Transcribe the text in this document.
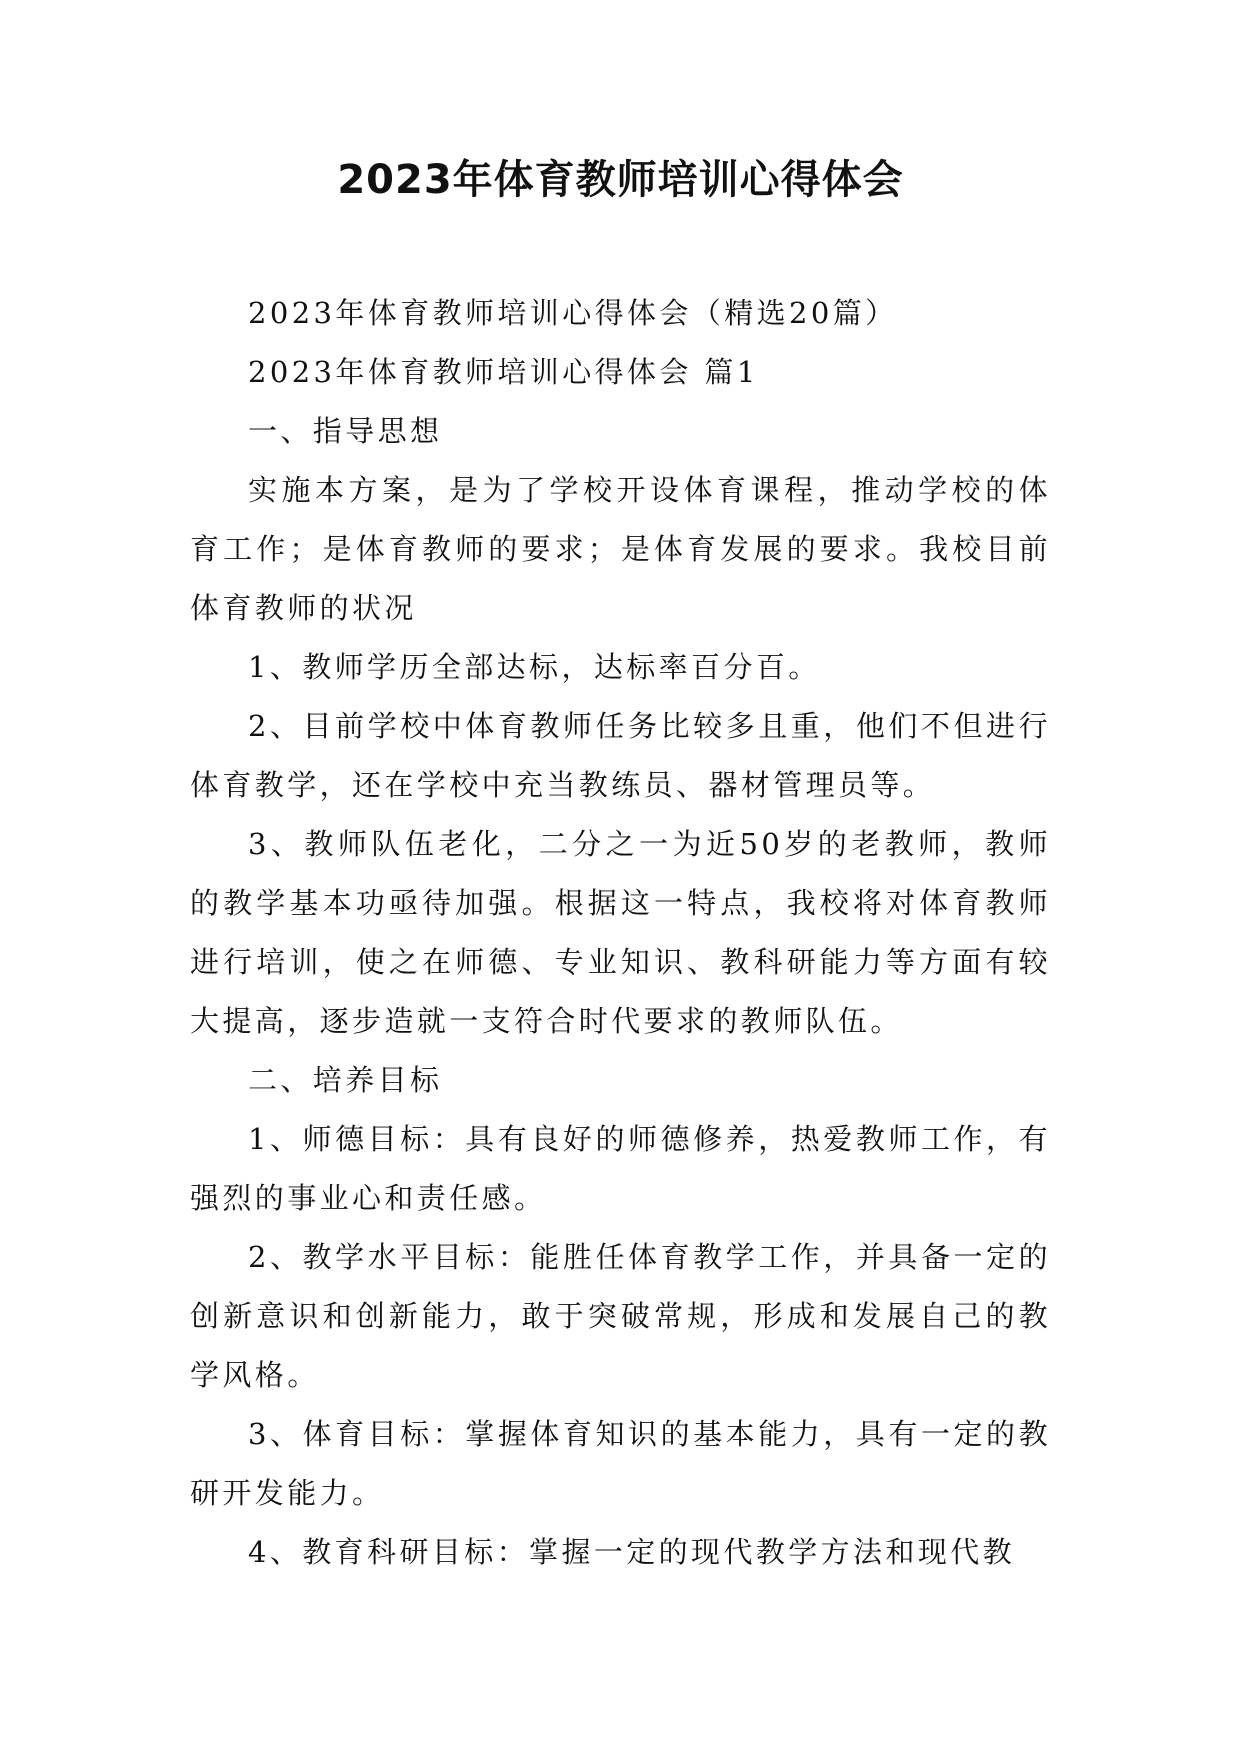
2023年体育教师培训心得体会

2023年体育教师培训心得体会（精选20篇）

2023年体育教师培训心得体会 篇1

一、指导思想

实施本方案，是为了学校开设体育课程，推动学校的体育工作；是体育教师的要求；是体育发展的要求。我校目前体育教师的状况

1、教师学历全部达标，达标率百分百。

2、目前学校中体育教师任务比较多且重，他们不但进行体育教学，还在学校中充当教练员、器材管理员等。

3、教师队伍老化，二分之一为近50岁的老教师，教师的教学基本功亟待加强。根据这一特点，我校将对体育教师进行培训，使之在师德、专业知识、教科研能力等方面有较大提高，逐步造就一支符合时代要求的教师队伍。

二、培养目标

1、师德目标：具有良好的师德修养，热爱教师工作，有强烈的事业心和责任感。

2、教学水平目标：能胜任体育教学工作，并具备一定的创新意识和创新能力，敢于突破常规，形成和发展自己的教学风格。

3、体育目标：掌握体育知识的基本能力，具有一定的教研开发能力。

4、教育科研目标：掌握一定的现代教学方法和现代教
